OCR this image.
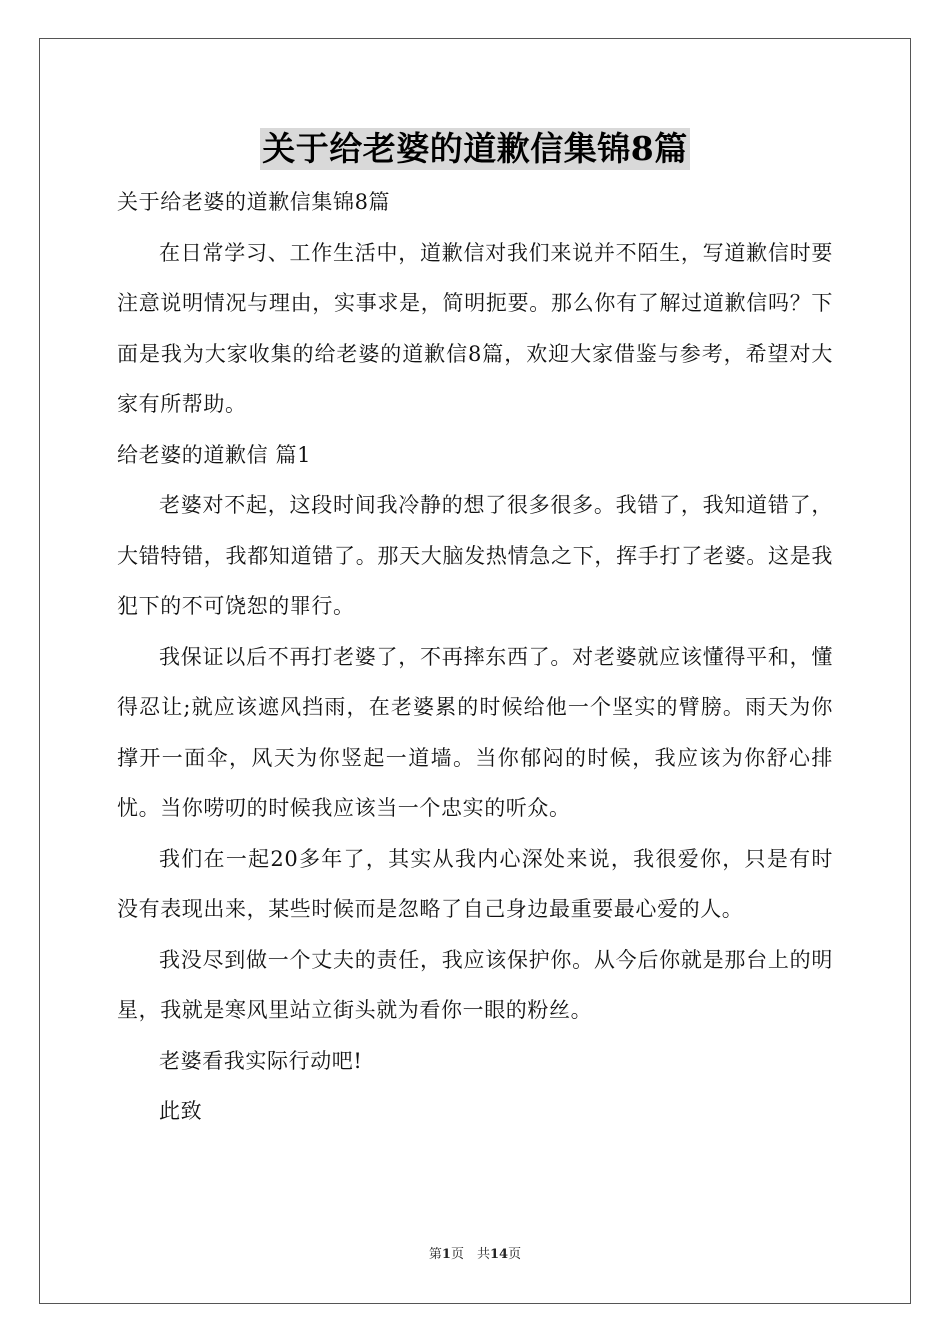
关于给老婆的道歉信集锦8篇

关于给老婆的道歉信集锦8篇

在日常学习、工作生活中，道歉信对我们来说并不陌生，写道歉信时要注意说明情况与理由，实事求是，简明扼要。那么你有了解过道歉信吗？下面是我为大家收集的给老婆的道歉信8篇，欢迎大家借鉴与参考，希望对大家有所帮助。

给老婆的道歉信 篇1

老婆对不起，这段时间我冷静的想了很多很多。我错了，我知道错了，大错特错，我都知道错了。那天大脑发热情急之下，挥手打了老婆。这是我犯下的不可饶恕的罪行。

我保证以后不再打老婆了，不再摔东西了。对老婆就应该懂得平和，懂得忍让;就应该遮风挡雨，在老婆累的时候给他一个坚实的臂膀。雨天为你撑开一面伞，风天为你竖起一道墙。当你郁闷的时候，我应该为你舒心排忧。当你唠叨的时候我应该当一个忠实的听众。

我们在一起20多年了，其实从我内心深处来说，我很爱你，只是有时没有表现出来，某些时候而是忽略了自己身边最重要最心爱的人。

我没尽到做一个丈夫的责任，我应该保护你。从今后你就是那台上的明星，我就是寒风里站立街头就为看你一眼的粉丝。

老婆看我实际行动吧!

此致

第1页　共14页
